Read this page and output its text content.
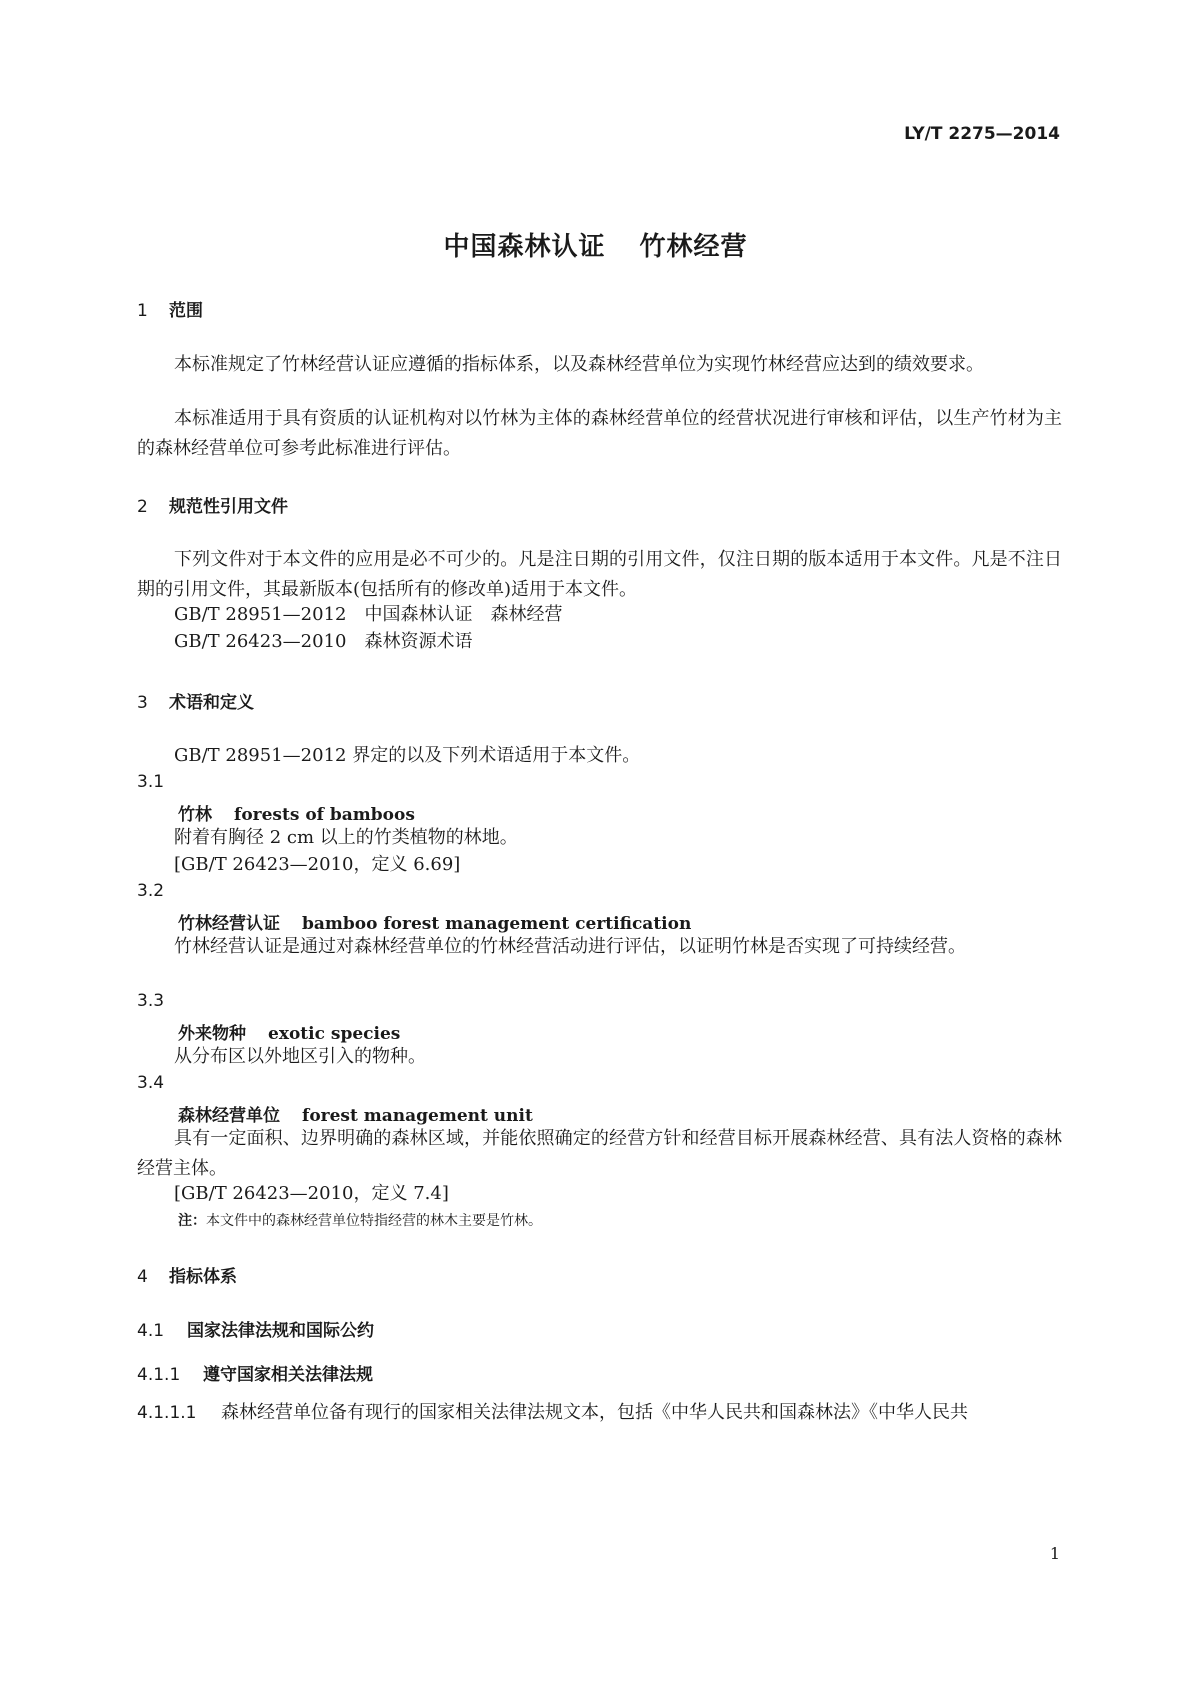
LY/T 2275—2014
中国森林认证 竹林经营
1 范围
本标准规定了竹林经营认证应遵循的指标体系，以及森林经营单位为实现竹林经营应达到的绩效要求。
本标准适用于具有资质的认证机构对以竹林为主体的森林经营单位的经营状况进行审核和评估，以生产竹材为主的森林经营单位可参考此标准进行评估。
2 规范性引用文件
下列文件对于本文件的应用是必不可少的。凡是注日期的引用文件，仅注日期的版本适用于本文件。凡是不注日期的引用文件，其最新版本(包括所有的修改单)适用于本文件。
GB/T 28951—2012 中国森林认证　森林经营
GB/T 26423—2010 森林资源术语
3 术语和定义
GB/T 28951—2012 界定的以及下列术语适用于本文件。
3.1
竹林 forests of bamboos
附着有胸径 2 cm 以上的竹类植物的林地。
[GB/T 26423—2010，定义 6.69]
3.2
竹林经营认证 bamboo forest management certification
竹林经营认证是通过对森林经营单位的竹林经营活动进行评估，以证明竹林是否实现了可持续经营。
3.3
外来物种 exotic species
从分布区以外地区引入的物种。
3.4
森林经营单位 forest management unit
具有一定面积、边界明确的森林区域，并能依照确定的经营方针和经营目标开展森林经营、具有法人资格的森林经营主体。
[GB/T 26423—2010，定义 7.4]
注：本文件中的森林经营单位特指经营的林木主要是竹林。
4 指标体系
4.1 国家法律法规和国际公约
4.1.1 遵守国家相关法律法规
4.1.1.1 森林经营单位备有现行的国家相关法律法规文本，包括《中华人民共和国森林法》《中华人民共
1
